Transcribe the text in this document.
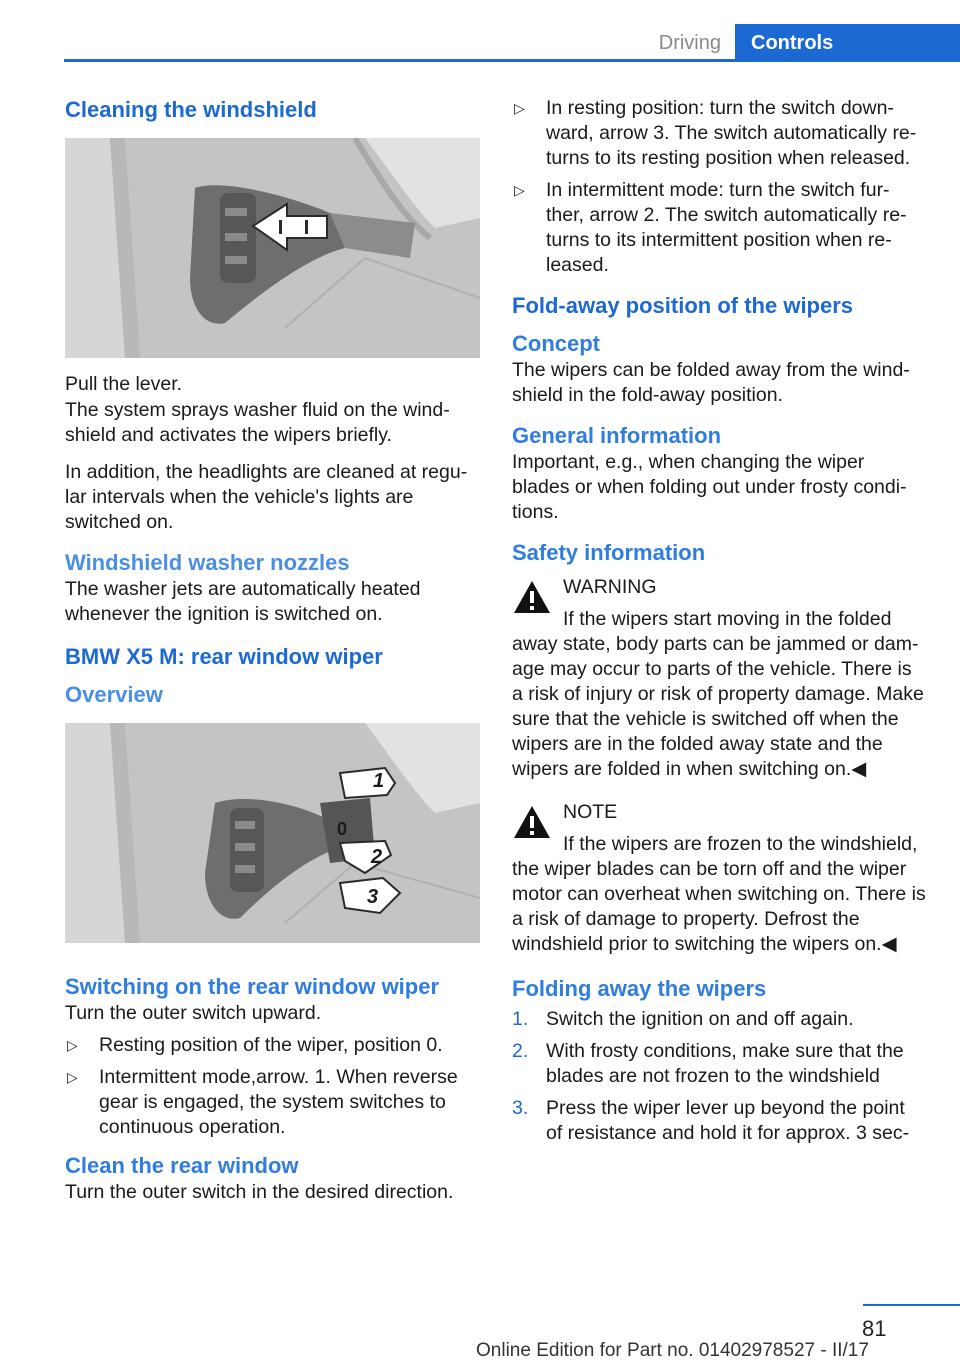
Driving	Controls
Cleaning the windshield

Pull the lever.

The system sprays washer fluid on the wind‐shield and activates the wipers briefly.

In addition, the headlights are cleaned at regu‐lar intervals when the vehicle's lights are switched on.

Windshield washer nozzles

The washer jets are automatically heated whenever the ignition is switched on.

BMW X5 M: rear window wiper
Overview
1
0
2
3
Switching on the rear window wiper

Turn the outer switch upward.

▷ Resting position of the wiper, position 0.
▷ Intermittent mode,arrow. 1. When reverse gear is engaged, the system switches to continuous operation.
Clean the rear window

Turn the outer switch in the desired direction.

▷ In resting position: turn the switch down‐ward, arrow 3. The switch automatically re‐turns to its resting position when released.
▷ In intermittent mode: turn the switch fur‐ther, arrow 2. The switch automatically re‐turns to its intermittent position when re‐leased.
Fold-away position of the wipers
Concept

The wipers can be folded away from the wind‐shield in the fold-away position.

General information

Important, e.g., when changing the wiper blades or when folding out under frosty condi‐tions.

Safety information
WARNING
If the wipers start moving in the folded
away state, body parts can be jammed or dam‐age may occur to parts of the vehicle. There is a risk of injury or risk of property damage. Make sure that the vehicle is switched off when the wipers are in the folded away state and the wipers are folded in when switching on.◀
NOTE
If the wipers are frozen to the windshield,
the wiper blades can be torn off and the wiper motor can overheat when switching on. There is a risk of damage to property. Defrost the windshield prior to switching the wipers on.◀
Folding away the wipers
1. Switch the ignition on and off again.
2. With frosty conditions, make sure that the blades are not frozen to the windshield
3. Press the wiper lever up beyond the point of resistance and hold it for approx. 3 sec‐
81
Online Edition for Part no. 01402978527 - II/17
